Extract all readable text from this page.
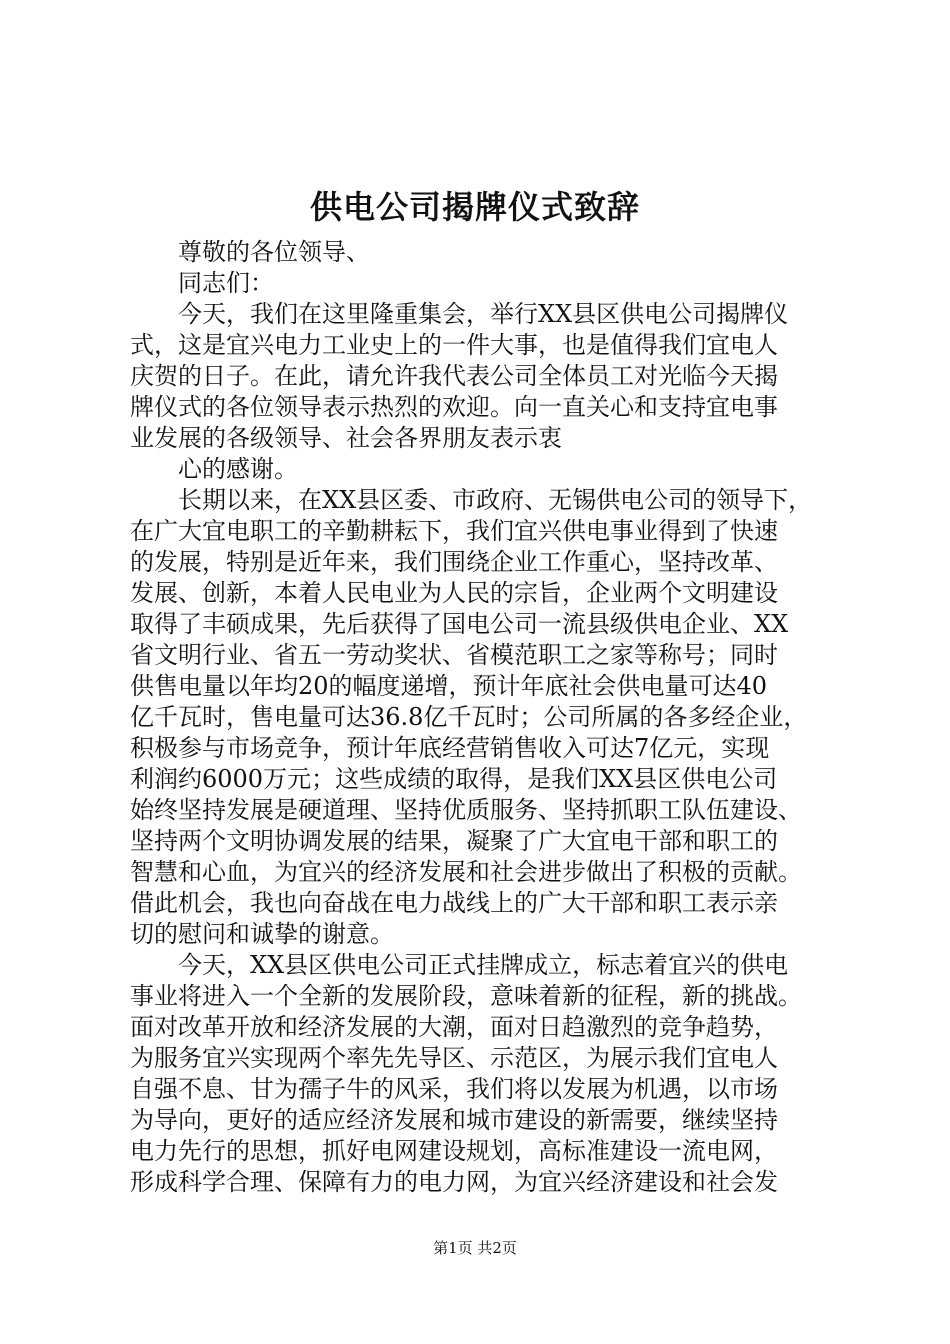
供电公司揭牌仪式致辞
尊敬的各位领导、
同志们：
今天，我们在这里隆重集会，举行XX县区供电公司揭牌仪
式，这是宜兴电力工业史上的一件大事，也是值得我们宜电人
庆贺的日子。在此，请允许我代表公司全体员工对光临今天揭
牌仪式的各位领导表示热烈的欢迎。向一直关心和支持宜电事
业发展的各级领导、社会各界朋友表示衷
心的感谢。
长期以来，在XX县区委、市政府、无锡供电公司的领导下，
在广大宜电职工的辛勤耕耘下，我们宜兴供电事业得到了快速
的发展，特别是近年来，我们围绕企业工作重心，坚持改革、
发展、创新，本着人民电业为人民的宗旨，企业两个文明建设
取得了丰硕成果，先后获得了国电公司一流县级供电企业、XX
省文明行业、省五一劳动奖状、省模范职工之家等称号；同时
供售电量以年均20的幅度递增，预计年底社会供电量可达40
亿千瓦时，售电量可达36.8亿千瓦时；公司所属的各多经企业，
积极参与市场竞争，预计年底经营销售收入可达7亿元，实现
利润约6000万元；这些成绩的取得，是我们XX县区供电公司
始终坚持发展是硬道理、坚持优质服务、坚持抓职工队伍建设、
坚持两个文明协调发展的结果，凝聚了广大宜电干部和职工的
智慧和心血，为宜兴的经济发展和社会进步做出了积极的贡献。
借此机会，我也向奋战在电力战线上的广大干部和职工表示亲
切的慰问和诚挚的谢意。
今天，XX县区供电公司正式挂牌成立，标志着宜兴的供电
事业将进入一个全新的发展阶段，意味着新的征程，新的挑战。
面对改革开放和经济发展的大潮，面对日趋激烈的竞争趋势，
为服务宜兴实现两个率先先导区、示范区，为展示我们宜电人
自强不息、甘为孺子牛的风采，我们将以发展为机遇，以市场
为导向，更好的适应经济发展和城市建设的新需要，继续坚持
电力先行的思想，抓好电网建设规划，高标准建设一流电网，
形成科学合理、保障有力的电力网，为宜兴经济建设和社会发
第1页 共2页
